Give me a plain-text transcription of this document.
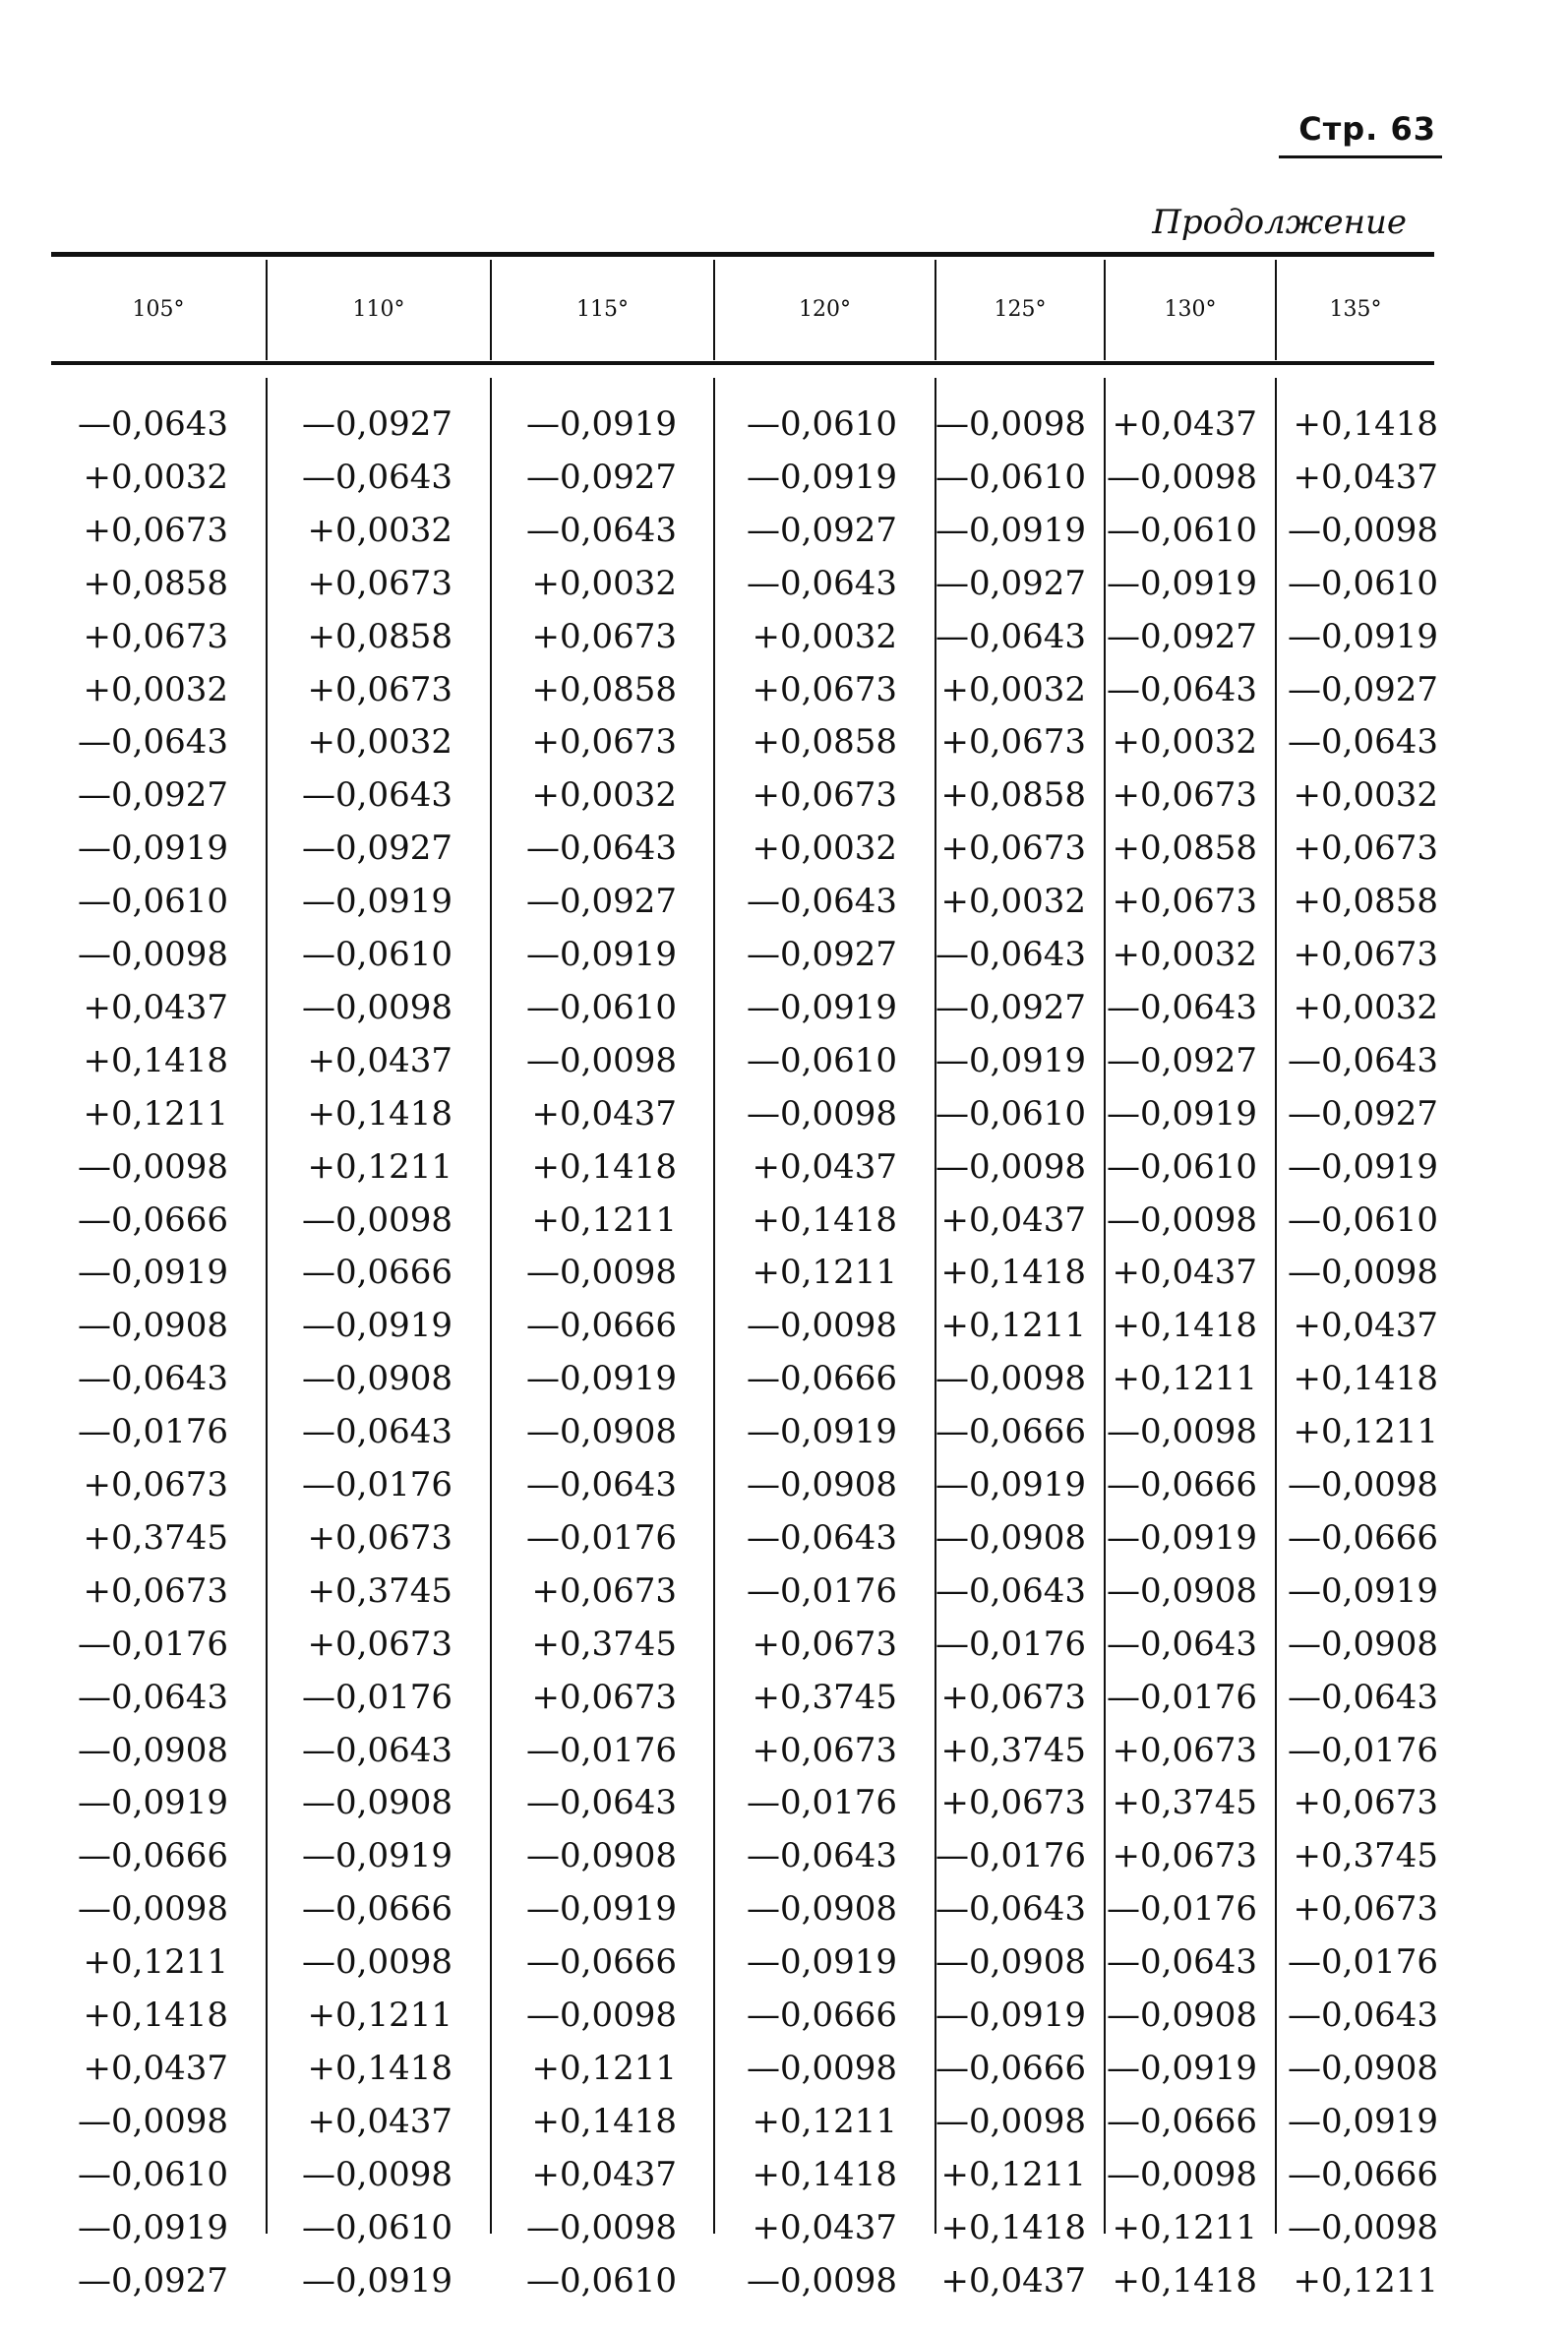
Стр. 63
Продолжение
105°	110°	115°	120°	125°	130°	135°
—0,0643	—0,0927	—0,0919	—0,0610	—0,0098 +0,0437	+0,1418
+0,0032	—0,0643	—0,0927	—0,0919	—0,0610 —0,0098	+0,0437
+0,0673	+0,0032	—0,0643	—0,0927	—0,0919 —0,0610 —0,0098
+0,0858	+0,0673	+0,0032	—0,0643	—0,0927 —0,0919 —0,0610
+0,0673	+0,0858	+0,0673	+0,0032	—0,0643 —0,0927 —0,0919
+0,0032	+0,0673	+0,0858	+0,0673	+0,0032 —0,0643 —0,0927
—0,0643	+0,0032	+0,0673	+0,0858	+0,0673 +0,0032 —0,0643
—0,0927	—0,0643	+0,0032	+0,0673	+0,0858 +0,0673	+0,0032
—0,0919	—0,0927	—0,0643	+0,0032	+0,0673 +0,0858	+0,0673
—0,0610	—0,0919	—0,0927	—0,0643	+0,0032 +0,0673	+0,0858
—0,0098	—0,0610	—0,0919	—0,0927	—0,0643 +0,0032	+0,0673
+0,0437	—0,0098	—0,0610	—0,0919	—0,0927 —0,0643	+0,0032
+0,1418	+0,0437	—0,0098	—0,0610	—0,0919 —0,0927 —0,0643
+0,1211	+0,1418	+0,0437	—0,0098	—0,0610 —0,0919 —0,0927
—0,0098	+0,1211	+0,1418	+0,0437	—0,0098 —0,0610 —0,0919
—0,0666	—0,0098	+0,1211	+0,1418	+0,0437 —0,0098 —0,0610
—0,0919	—0,0666	—0,0098	+0,1211	+0,1418 +0,0437 —0,0098
—0,0908	—0,0919	—0,0666	—0,0098	+0,1211 +0,1418	+0,0437
—0,0643	—0,0908	—0,0919	—0,0666	—0,0098 +0,1211	+0,1418
—0,0176	—0,0643	—0,0908	—0,0919	—0,0666 —0,0098	+0,1211
+0,0673	—0,0176	—0,0643	—0,0908	—0,0919 —0,0666 —0,0098
+0,3745	+0,0673	—0,0176	—0,0643	—0,0908 —0,0919 —0,0666
+0,0673	+0,3745	+0,0673	—0,0176	—0,0643 —0,0908 —0,0919
—0,0176	+0,0673	+0,3745	+0,0673	—0,0176 —0,0643 —0,0908
—0,0643	—0,0176	+0,0673	+0,3745	+0,0673 —0,0176 —0,0643
—0,0908	—0,0643	—0,0176	+0,0673	+0,3745 +0,0673 —0,0176
—0,0919	—0,0908	—0,0643	—0,0176	+0,0673 +0,3745	+0,0673
—0,0666	—0,0919	—0,0908	—0,0643	—0,0176 +0,0673	+0,3745
—0,0098	—0,0666	—0,0919	—0,0908	—0,0643 —0,0176	+0,0673
+0,1211	—0,0098	—0,0666	—0,0919	—0,0908 —0,0643 —0,0176
+0,1418	+0,1211	—0,0098	—0,0666	—0,0919 —0,0908 —0,0643
+0,0437	+0,1418	+0,1211	—0,0098	—0,0666 —0,0919 —0,0908
—0,0098	+0,0437	+0,1418	+0,1211	—0,0098 —0,0666 —0,0919
—0,0610	—0,0098	+0,0437	+0,1418	+0,1211 —0,0098 —0,0666
—0,0919	—0,0610	—0,0098	+0,0437	+0,1418 +0,1211 —0,0098
—0,0927	—0,0919	—0,0610	—0,0098	+0,0437 +0,1418	+0,1211
